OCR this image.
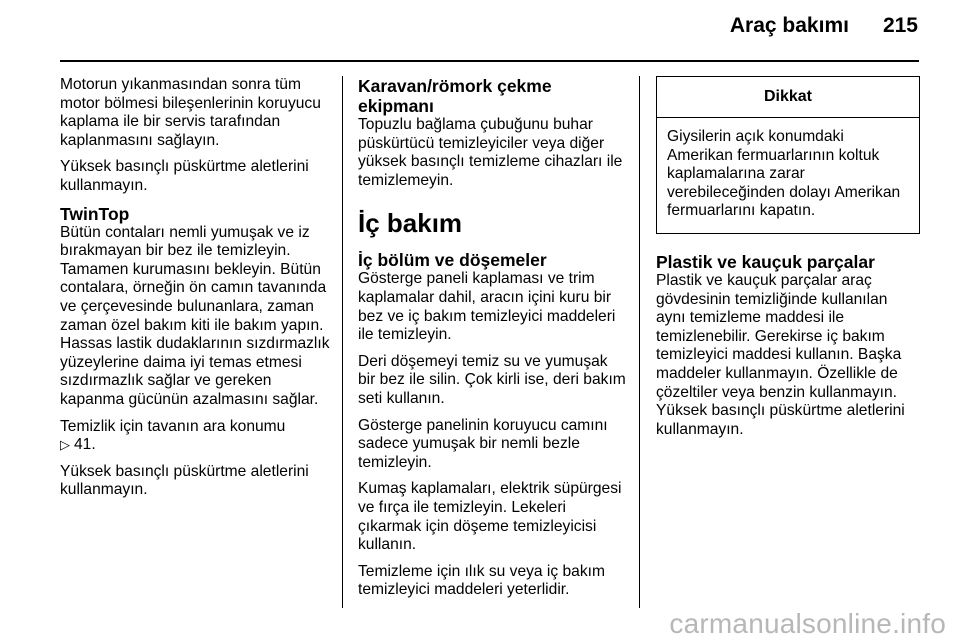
Araç bakımı 215

Motorun yıkanmasından sonra tüm motor bölmesi bileşenlerinin koruyucu kaplama ile bir servis tarafından kaplanmasını sağlayın.

Yüksek basınçlı püskürtme aletlerini kullanmayın.

TwinTop

Bütün contaları nemli yumuşak ve iz bırakmayan bir bez ile temizleyin. Tamamen kurumasını bekleyin. Bütün contalara, örneğin ön camın tavanında ve çerçevesinde bulunanlara, zaman zaman özel bakım kiti ile bakım yapın. Hassas lastik dudaklarının sızdırmazlık yüzeylerine daima iyi temas etmesi sızdırmazlık sağlar ve gereken kapanma gücünün azalmasını sağlar.

Temizlik için tavanın ara konumu
▷ 41.

Yüksek basınçlı püskürtme aletlerini kullanmayın.

Karavan/römork çekme ekipmanı

Topuzlu bağlama çubuğunu buhar püskürtücü temizleyiciler veya diğer yüksek basınçlı temizleme cihazları ile temizlemeyin.

İç bakım
İç bölüm ve döşemeler

Gösterge paneli kaplaması ve trim kaplamalar dahil, aracın içini kuru bir bez ve iç bakım temizleyici maddeleri ile temizleyin.

Deri döşemeyi temiz su ve yumuşak bir bez ile silin. Çok kirli ise, deri bakım seti kullanın.

Gösterge panelinin koruyucu camını sadece yumuşak bir nemli bezle temizleyin.

Kumaş kaplamaları, elektrik süpürgesi ve fırça ile temizleyin. Lekeleri çıkarmak için döşeme temizleyicisi kullanın.

Temizleme için ılık su veya iç bakım temizleyici maddeleri yeterlidir.

Dikkat
Giysilerin açık konumdaki Amerikan fermuarlarının koltuk kaplamalarına zarar verebileceğinden dolayı Amerikan fermuarlarını kapatın.
Plastik ve kauçuk parçalar

Plastik ve kauçuk parçalar araç gövdesinin temizliğinde kullanılan aynı temizleme maddesi ile temizlenebilir. Gerekirse iç bakım temizleyici maddesi kullanın. Başka maddeler kullanmayın. Özellikle de çözeltiler veya benzin kullanmayın. Yüksek basınçlı püskürtme aletlerini kullanmayın.

carmanualsonline.info
